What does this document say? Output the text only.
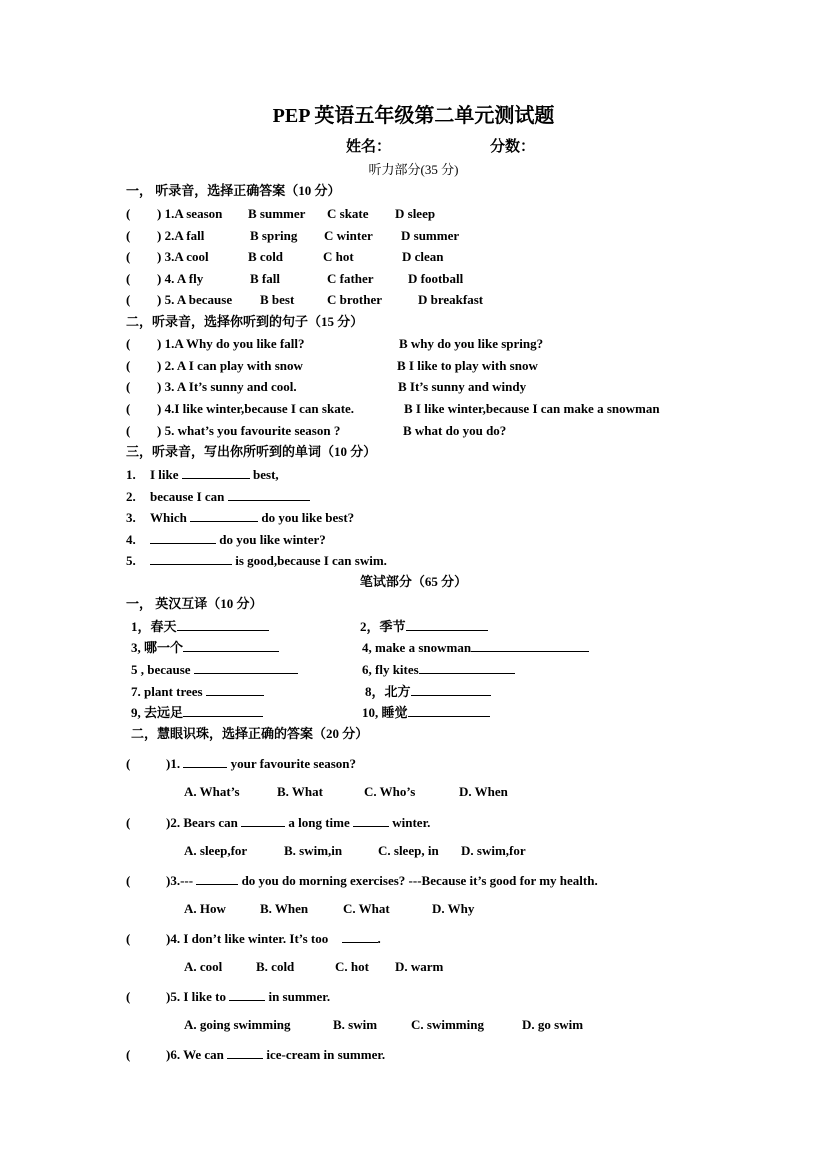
PEP 英语五年级第二单元测试题
姓名：	分数：
听力部分(35 分)
一， 听录音，选择正确答案（10 分）
( ) 1.A season B summer C skate D sleep
( ) 2.A fall	B spring C winter D summer
( ) 3.A cool	B cold	C hot	D clean
( ) 4. A fly	B fall	C father	D football
( ) 5. A because B best	C brother	D breakfast
二，听录音，选择你听到的句子（15 分）
( ) 1.A Why do you like fall?	B why do you like spring?
( ) 2. A I can play with snow	B I like to play with snow
( ) 3. A It’s sunny and cool.	B It’s sunny and windy
( ) 4.I like winter,because I can skate.	B I like winter,because I can make a snowman
( ) 5. what’s you favourite season ?	B what do you do?
三，听录音，写出你所听到的单词（10 分）
1. I like	best,
2. because I can
3. Which	do you like best?
4.	do you like winter?
5.	is good,because I can swim.
笔试部分（65 分）
一， 英汉互译（10 分）
1，春天	2，季节
3, 哪一个	4, make a snowman
5 , because	6, fly kites
7. plant trees	8，北方
9, 去远足	10, 睡觉
二，慧眼识珠，选择正确的答案（20 分）
(	)1.	your favourite season?
A. What’s	B. What	C. Who’s	D. When
(	)2. Bears can	a long time	winter.
A. sleep,for	B. swim,in	C. sleep, in D. swim,for
(	)3.---	do you do morning exercises? ---Because it’s good for my health.
A. How	B. When	C. What	D. Why
(	)4. I don’t like winter. It’s too	.
A. cool	B. cold	C. hot D. warm
(	)5. I like to	in summer.
A. going swimming	B. swim	C. swimming	D. go swim
(	)6. We can	ice-cream in summer.
